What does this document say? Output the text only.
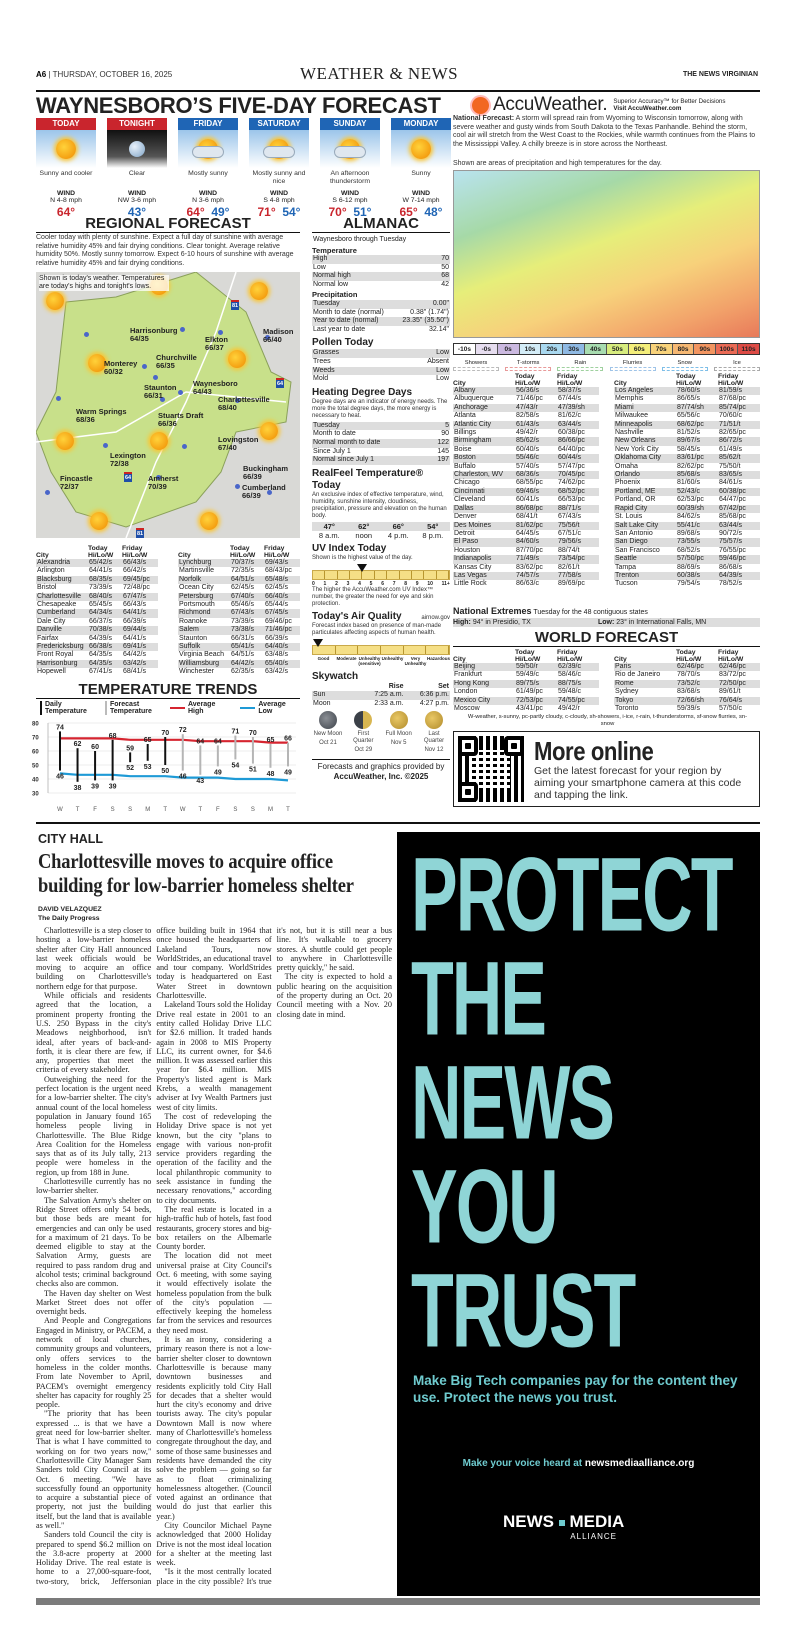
A6 | THURSDAY, OCTOBER 16, 2025	WEATHER & NEWS	THE NEWS VIRGINIAN
WAYNESBORO’S FIVE-DAY FORECAST
TODAY
Sunny and cooler
WIND
N 4-8 mph
64°
TONIGHT
Clear
WIND
NW 3-6 mph
43°
FRIDAY
Mostly sunny
WIND
N 3-6 mph
64° 49°
SATURDAY
Mostly sunny and nice
WIND
S 4-8 mph
71° 54°
SUNDAY
An afternoon thunderstorm
WIND
S 6-12 mph
70° 51°
MONDAY
Sunny
WIND
W 7-14 mph
65° 48°
REGIONAL FORECAST
Cooler today with plenty of sunshine. Expect a full day of sunshine with average relative humidity 45% and fair drying conditions. Clear tonight. Average relative humidity 50%. Mostly sunny tomorrow. Expect 6-10 hours of sunshine with average relative humidity 45% and fair drying conditions.
Shown is today's weather. Temperatures are today's highs and tonight's lows.
Monterey
60/32
Harrisonburg
64/35	Elkton
66/37
Madison
66/40
Churchville
66/35
Waynesboro
64/43
Staunton
66/31	Charlottesville
68/40
Warm Springs
68/36	Stuarts Draft
66/36
Lovingston
67/40
Lexington
72/38
Buckingham
66/39
Fincastle
72/37
Amherst
70/39	Cumberland
66/39
81
64
64
81
	Today	Friday
City	Hi/Lo/W	Hi/Lo/W
Alexandria	65/42/s	66/43/s
Arlington	64/41/s	66/42/s
Blacksburg	68/35/s	69/45/pc
Bristol	73/39/s	72/48/pc
Charlottesville	68/40/s	67/47/s
Chesapeake	65/45/s	66/43/s
Cumberland	64/34/s	64/41/s
Dale City	66/37/s	66/39/s
Danville	70/38/s	69/44/s
Fairfax	64/39/s	64/41/s
Fredericksburg	66/38/s	69/41/s
Front Royal	64/35/s	64/42/s
Harrisonburg	64/35/s	63/42/s
Hopewell	67/41/s	68/41/s
	Today	Friday
City	Hi/Lo/W	Hi/Lo/W
Lynchburg	70/37/s	69/43/s
Martinsville	72/35/s	68/43/pc
Norfolk	64/51/s	65/48/s
Ocean City	62/45/s	62/45/s
Petersburg	67/40/s	66/40/s
Portsmouth	65/46/s	65/44/s
Richmond	67/43/s	67/45/s
Roanoke	73/39/s	69/46/pc
Salem	73/38/s	71/46/pc
Staunton	66/31/s	66/39/s
Suffolk	65/41/s	64/40/s
Virginia Beach	64/51/s	63/48/s
Williamsburg	64/42/s	65/40/s
Winchester	62/35/s	63/42/s
TEMPERATURE TRENDS
Daily Temperature
Forecast Temperature
Average High
Average Low
80
70
60
50
40
30
74
46
W
62
38
T
60
39
F
68
39
S
59
52
S
65
53
M
70
50
T
72
46
W
64
43
T
64
49
F
71
54
S
70
51
S
65
48
M
66
49
T
ALMANAC
Waynesboro through Tuesday
Temperature
High	70
Low	50
Normal high	68
Normal low	42
Precipitation
Tuesday	0.00"
Month to date (normal)	0.38" (1.74")
Year to date (normal)	23.35" (35.50")
Last year to date	32.14"
Pollen Today
Grasses	Low
Trees	Absent
Weeds	Low
Mold	Low
Heating Degree Days
Degree days are an indicator of energy needs. The more the total degree days, the more energy is necessary to heat.
Tuesday	5
Month to date	90
Normal month to date	122
Since July 1	145
Normal since July 1	197
RealFeel Temperature® Today
An exclusive index of effective temperature, wind, humidity, sunshine intensity, cloudiness, precipitation, pressure and elevation on the human body.
47°
8 a.m.
62°
noon
66°
4 p.m.
54°
8 p.m.
UV Index Today
Shown is the highest value of the day.
0 1 2 3 4 5 6 7 8 9 10 11+
The higher the AccuWeather.com UV Index™ number, the greater the need for eye and skin protection.
Today's Air Quality	airnow.gov
Forecast index based on presence of man-made particulates affecting aspects of human health.
Good	Moderate Unhealthy (sensitive)
Unhealthy	Very Unhealthy
Hazardous
Skywatch
Rise	Set
Sun	7:25 a.m.	6:36 p.m.
Moon	2:33 a.m.	4:27 p.m.
New Moon
Oct 21
First Quarter
Oct 29
Full Moon
Nov 5
Last Quarter
Nov 12
Forecasts and graphics provided by
AccuWeather, Inc. ©2025
AccuWeather. Superior Accuracy™ for Better Decisions
Visit AccuWeather.com
National Forecast: A storm will spread rain from Wyoming to Wisconsin tomorrow, along with severe weather and gusty winds from South Dakota to the Texas Panhandle. Behind the storm, cool air will stretch from the West Coast to the Rockies, while warmth continues from the Plains to the Mississippi Valley. A chilly breeze is in store across the Northeast.
Shown are areas of precipitation and high temperatures for the day.
-10s	-0s	0s	10s	20s	30s	40s	50s	60s	70s	80s	90s	100s	110s
Showers	T-storms	Rain	Flurries	Snow	Ice
	Today	Friday
City	Hi/Lo/W	Hi/Lo/W
Albany	56/36/s	58/37/s
Albuquerque	71/46/pc	67/44/s
Anchorage	47/43/r	47/39/sh
Atlanta	82/58/s	81/62/c
Atlantic City	61/43/s	63/44/s
Billings	49/42/r	60/38/pc
Birmingham	85/62/s	86/66/pc
Boise	60/40/s	64/40/pc
Boston	55/46/c	60/44/s
Buffalo	57/40/s	57/47/pc
Charleston, WV	68/36/s	70/45/pc
Chicago	68/55/pc	74/62/pc
Cincinnati	69/46/s	68/52/pc
Cleveland	60/41/s	66/53/pc
Dallas	86/68/pc	88/71/s
Denver	68/41/t	67/43/s
Des Moines	81/62/pc	75/56/t
Detroit	64/45/s	67/51/c
El Paso	84/60/s	79/56/s
Houston	87/70/pc	88/74/t
Indianapolis	71/49/s	73/54/pc
Kansas City	83/62/pc	82/61/t
Las Vegas	74/57/s	77/58/s
Little Rock	86/63/c	89/69/pc
	Today	Friday
City	Hi/Lo/W	Hi/Lo/W
Los Angeles	78/60/s	81/59/s
Memphis	86/65/s	87/68/pc
Miami	87/74/sh	85/74/pc
Milwaukee	65/56/c	70/60/c
Minneapolis	68/62/pc	71/51/t
Nashville	81/52/s	82/65/pc
New Orleans	89/67/s	86/72/s
New York City	58/45/s	61/49/s
Oklahoma City	83/61/pc	85/62/t
Omaha	82/62/pc	75/50/t
Orlando	85/68/s	83/65/s
Phoenix	81/60/s	84/61/s
Portland, ME	52/43/c	60/38/pc
Portland, OR	62/53/pc	64/47/pc
Rapid City	60/39/sh	67/42/pc
St. Louis	84/62/s	85/68/pc
Salt Lake City	55/41/c	63/44/s
San Antonio	89/68/s	90/72/s
San Diego	73/55/s	75/57/s
San Francisco	68/52/s	76/55/pc
Seattle	57/50/pc	59/46/pc
Tampa	88/69/s	86/68/s
Trenton	60/38/s	64/39/s
Tucson	79/54/s	78/52/s
National Extremes Tuesday for the 48 contiguous states
High: 94° in Presidio, TX	Low: 23° in International Falls, MN
WORLD FORECAST
	Today	Friday
City	Hi/Lo/W	Hi/Lo/W
Beijing	59/50/r	62/39/c
Frankfurt	59/49/c	58/46/c
Hong Kong	89/75/s	88/75/s
London	61/49/pc	59/48/c
Mexico City	72/53/pc	74/55/pc
Moscow	43/41/pc	49/42/r
	Today	Friday
City	Hi/Lo/W	Hi/Lo/W
Paris	62/46/pc	62/46/pc
Rio de Janeiro	78/70/s	83/72/pc
Rome	73/52/c	72/50/pc
Sydney	83/68/s	89/61/t
Tokyo	72/66/sh	76/64/s
Toronto	59/39/s	57/50/c
W-weather, s-sunny, pc-partly cloudy, c-cloudy, sh-showers, i-ice, r-rain, t-thunderstorms, sf-snow flurries, sn-snow
More online
Get the latest forecast for your region by aiming your smartphone camera at this code and tapping the link.
CITY HALL
Charlottesville moves to acquire office building for low-barrier homeless shelter
DAVID VELAZQUEZ
The Daily Progress

Charlottesville is a step closer to hosting a low-barrier homeless shelter after City Hall announced last week officials would be moving to acquire an office building on Charlottesville's northern edge for that purpose.

While officials and residents agreed that the location, a prominent property fronting the U.S. 250 Bypass in the city's Meadows neighborhood, isn't ideal, after years of back-and-forth, it is clear there are few, if any, properties that meet the criteria of every stakeholder.

Outweighing the need for the perfect location is the urgent need for a low-barrier shelter. The city's annual count of the local homeless population in January found 165 homeless people living in Charlottesville. The Blue Ridge Area Coalition for the Homeless says that as of its July tally, 213 people were homeless in the region, up from 188 in June.

Charlottesville currently has no low-barrier shelter.

The Salvation Army's shelter on Ridge Street offers only 54 beds, but those beds are meant for emergencies and can only be used for a maximum of 21 days. To be deemed eligible to stay at the Salvation Army, guests are required to pass random drug and alcohol tests; criminal background checks also are common.

The Haven day shelter on West Market Street does not offer overnight beds.

And People and Congregations Engaged in Ministry, or PACEM, a network of local churches, community groups and volunteers, only offers services to the homeless in the colder months. From late November to April, PACEM's overnight emergency shelter has capacity for roughly 25 people.

"The priority that has been expressed ... is that we have a great need for low-barrier shelter. That is what I have committed to working on for two years now," Charlottesville City Manager Sam Sanders told City Council at its Oct. 6 meeting. "We have successfully found an opportunity to acquire a substantial piece of property, not just the building itself, but the land that is available as well."

Sanders told Council the city is prepared to spend $6.2 million on the 3.8-acre property at 2000 Holiday Drive. The real estate is home to a 27,000-square-foot, two-story, brick, Jeffersonian office building built in 1964 that once housed the headquarters of Lakeland Tours, now WorldStrides, an educational travel and tour company. WorldStrides today is headquartered on East Water Street in downtown Charlottesville.

Lakeland Tours sold the Holiday Drive real estate in 2001 to an entity called Holiday Drive LLC for $2.6 million. It traded hands again in 2008 to MIS Property LLC, its current owner, for $4.6 million. It was assessed earlier this year for $6.4 million. MIS Property's listed agent is Mark Krebs, a wealth management adviser at Ivy Wealth Partners just west of city limits.

The cost of redeveloping the Holiday Drive space is not yet known, but the city "plans to engage with various non-profit service providers regarding the operation of the facility and the local philanthropic community to seek assistance in funding the necessary renovations," according to city documents.

The real estate is located in a high-traffic hub of hotels, fast food restaurants, grocery stores and big-box retailers on the Albemarle County border.

The location did not meet universal praise at City Council's Oct. 6 meeting, with some saying it would effectively isolate the homeless population from the bulk of the city's population — effectively keeping the homeless far from the services and resources they need most.

It is an irony, considering a primary reason there is not a low-barrier shelter closer to downtown Charlottesville is because many downtown businesses and residents explicitly told City Hall for decades that a shelter would hurt the city's economy and drive tourists away. The city's popular Downtown Mall is now where many of Charlottesville's homeless congregate throughout the day, and some of those same businesses and residents have demanded the city solve the problem — going so far as to float criminalizing homelessness altogether. (Council voted against an ordinance that would do just that earlier this year.)

City Councilor Michael Payne acknowledged that 2000 Holiday Drive is not the most ideal location for a shelter at the meeting last week.

"Is it the most centrally located place in the city possible? It's true it's not, but it is still near a bus line. It's walkable to grocery stores. A shuttle could get people to anywhere in Charlottesville pretty quickly," he said.

The city is expected to hold a public hearing on the acquisition of the property during an Oct. 20 Council meeting with a Nov. 20 closing date in mind.

PROTECT
THE
NEWS
YOU
TRUST
Make Big Tech companies pay for the content they use. Protect the news you trust.
Make your voice heard at newsmediaalliance.org
NEWS MEDIA
ALLIANCE
